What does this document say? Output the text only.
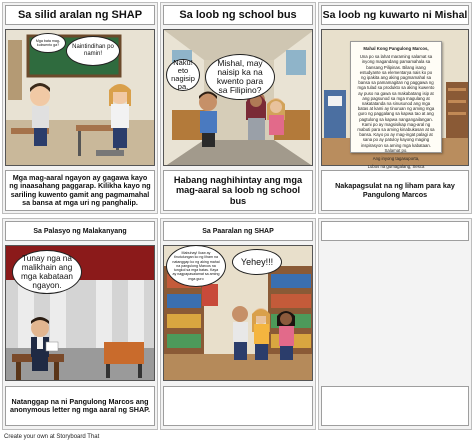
Sa silid aralan ng SHAP	Sa loob ng school bus	Sa loob ng kuwarto ni Mishal
Mga bata mag-kukwento ga?	Naintindihan po namin!
Naku! eto nagisip pa.
Mishal, may naisip ka na kwento para sa Filipino?

Mahal Kong Pangulong Marcos,

Una po sa lahat maraming salamat sa inyong magandang pamamahala sa bansang Pilipinas. Bilang isang estudyante sa elementarya nais ko po ng ipakita ang aking pagmamahal sa bansa sa pamamagitan ng paggawa ng mga tulad sa produkto sa aking kuwento ay puso na gawa sa makabatang isip at ang pagsunod sa mga magulang at nakatatanda na sinusunod ang mga batas at kami ay tinuruan ng aming mga guro ng paggalang sa kapwa tao at ang pagtulong sa kapwa nangangailangan. Kami po ay magsisikap mag-aral ng mabuti para sa aming kinabukasan at sa bansa. Kayo po ay mag-ingat palagi at sana po ay patuloy kayong maging inspirasyon sa aming mga kabataan. Salamat po.

Ang inyong tagasuporta,

Lubos na gumagalang, Sesca

Mga mag-aaral ngayon ay gagawa kayo ng inaasahang paggarap. Kilikha kayo ng sariling kuwento gamit ang pagmamahal sa bansa at mga uri ng panghalip.
Habang naghihintay ang mga mag-aaral sa loob ng school bus
Nakapagsulat na ng liham para kay Pangulong Marcos
Sa Palasyo ng Malakanyang	Sa Paaralan ng SHAP
Tunay nga na malikhain ang mga kabataan ngayon.
Mabuhay! Ikaw ay tinutulungan ko ng liham na natanggap ko ng aking mahal na pangulong Marcos na tungkol sa mga batas. Kaya ay nagpapasalamat sa aming mga guro
Yehey!!!
Natanggap na ni Pangulong Marcos ang anonymous letter ng mga aaral ng SHAP.
Create your own at Storyboard That
